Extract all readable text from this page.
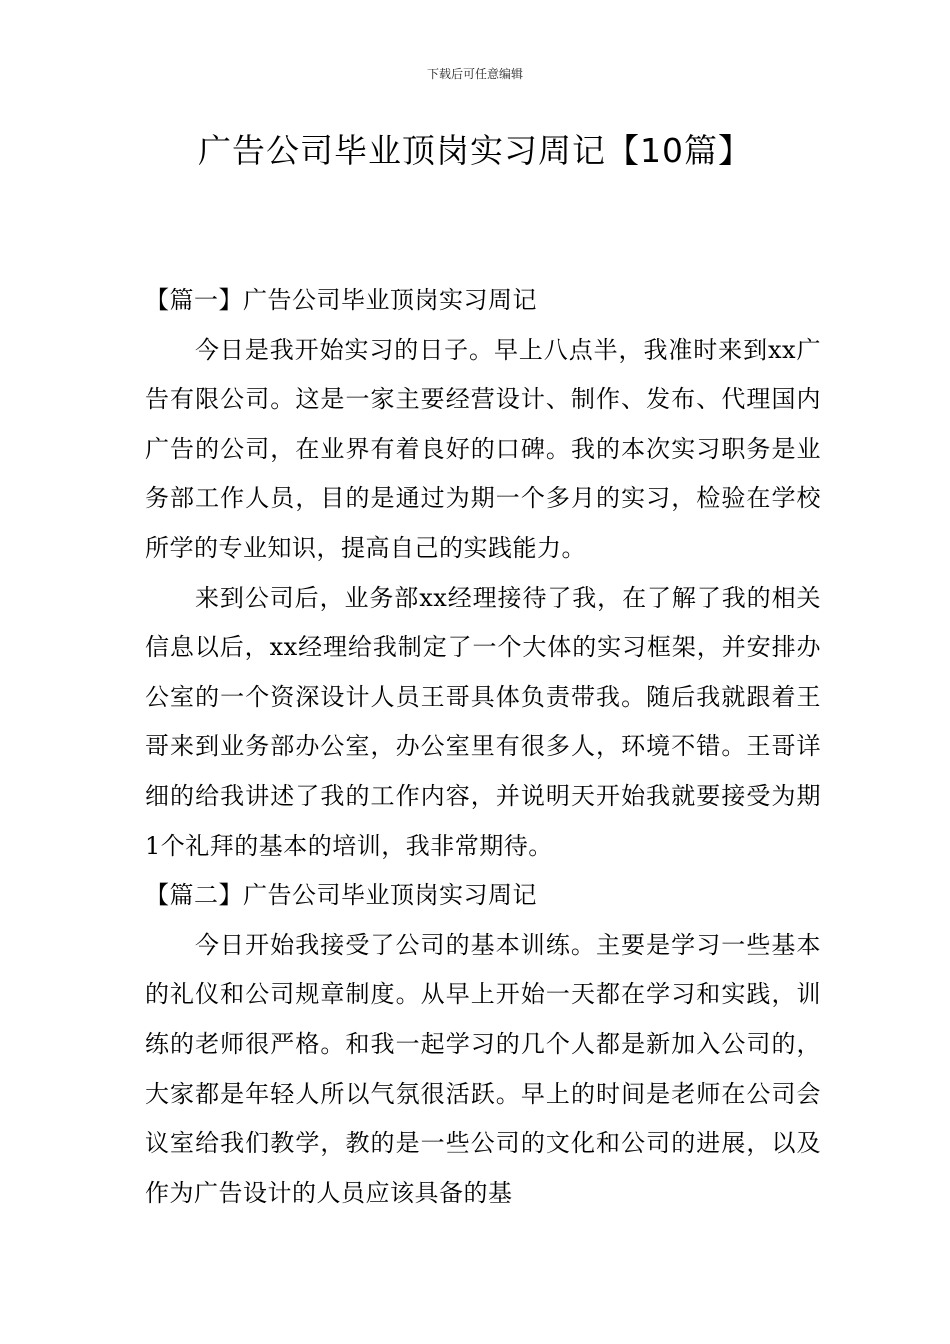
下载后可任意编辑
广告公司毕业顶岗实习周记【10篇】
【篇一】广告公司毕业顶岗实习周记

今日是我开始实习的日子。早上八点半，我准时来到xx广告有限公司。这是一家主要经营设计、制作、发布、代理国内广告的公司，在业界有着良好的口碑。我的本次实习职务是业务部工作人员，目的是通过为期一个多月的实习，检验在学校所学的专业知识，提高自己的实践能力。

来到公司后，业务部xx经理接待了我，在了解了我的相关信息以后，xx经理给我制定了一个大体的实习框架，并安排办公室的一个资深设计人员王哥具体负责带我。随后我就跟着王哥来到业务部办公室，办公室里有很多人，环境不错。王哥详细的给我讲述了我的工作内容，并说明天开始我就要接受为期1个礼拜的基本的培训，我非常期待。

【篇二】广告公司毕业顶岗实习周记

今日开始我接受了公司的基本训练。主要是学习一些基本的礼仪和公司规章制度。从早上开始一天都在学习和实践，训练的老师很严格。和我一起学习的几个人都是新加入公司的，大家都是年轻人所以气氛很活跃。早上的时间是老师在公司会议室给我们教学，教的是一些公司的文化和公司的进展，以及作为广告设计的人员应该具备的基
